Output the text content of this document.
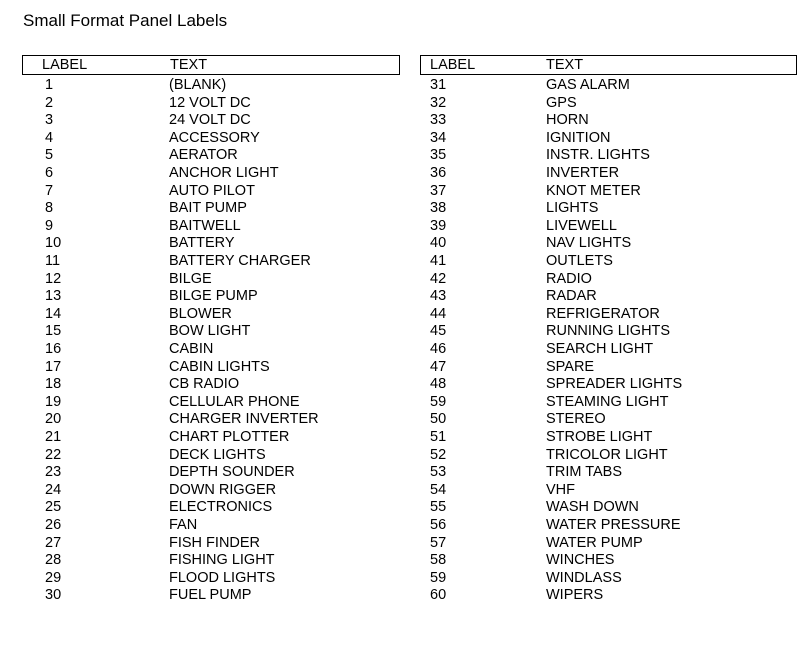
Small Format Panel Labels
LABEL	TEXT
1	(BLANK)
2	12 VOLT DC
3	24 VOLT DC
4	ACCESSORY
5	AERATOR
6	ANCHOR LIGHT
7	AUTO PILOT
8	BAIT PUMP
9	BAITWELL
10	BATTERY
11	BATTERY CHARGER
12	BILGE
13	BILGE PUMP
14	BLOWER
15	BOW LIGHT
16	CABIN
17	CABIN LIGHTS
18	CB RADIO
19	CELLULAR PHONE
20	CHARGER INVERTER
21	CHART PLOTTER
22	DECK LIGHTS
23	DEPTH SOUNDER
24	DOWN RIGGER
25	ELECTRONICS
26	FAN
27	FISH FINDER
28	FISHING LIGHT
29	FLOOD LIGHTS
30	FUEL PUMP
LABEL	TEXT
31	GAS ALARM
32	GPS
33	HORN
34	IGNITION
35	INSTR. LIGHTS
36	INVERTER
37	KNOT METER
38	LIGHTS
39	LIVEWELL
40	NAV LIGHTS
41	OUTLETS
42	RADIO
43	RADAR
44	REFRIGERATOR
45	RUNNING LIGHTS
46	SEARCH LIGHT
47	SPARE
48	SPREADER LIGHTS
59	STEAMING LIGHT
50	STEREO
51	STROBE LIGHT
52	TRICOLOR LIGHT
53	TRIM TABS
54	VHF
55	WASH DOWN
56	WATER PRESSURE
57	WATER PUMP
58	WINCHES
59	WINDLASS
60	WIPERS
